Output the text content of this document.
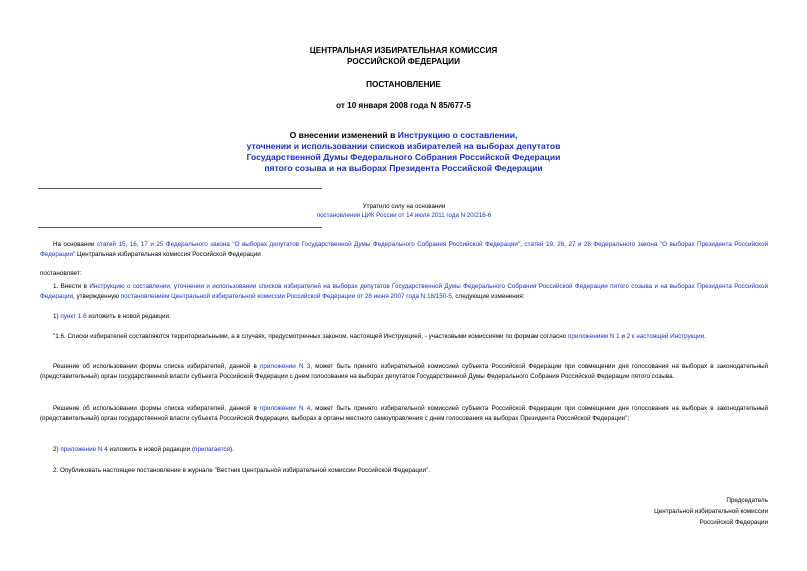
ЦЕНТРАЛЬНАЯ ИЗБИРАТЕЛЬНАЯ КОМИССИЯ
РОССИЙСКОЙ ФЕДЕРАЦИИ
ПОСТАНОВЛЕНИЕ
от 10 января 2008 года N 85/677-5
О внесении изменений в Инструкцию о составлении,
уточнении и использовании списков избирателей на выборах депутатов
Государственной Думы Федерального Собрания Российской Федерации
пятого созыва и на выборах Президента Российской Федерации
Утратило силу на основании
постановления ЦИК России от 14 июля 2011 года N 20/216-6
На основании статей 15, 16, 17 и 25 Федерального закона "О выборах депутатов Государственной Думы Федерального Собрания Российской Федерации", статей 19, 26, 27 и 28 Федерального закона "О выборах Президента Российской Федерации" Центральная избирательная комиссия Российской Федерации
постановляет:
1. Внести в Инструкцию о составлении, уточнении и использовании списков избирателей на выборах депутатов Государственной Думы Федерального Собрания Российской Федерации пятого созыва и на выборах Президента Российской Федерации, утвержденную постановлением Центральной избирательной комиссии Российской Федерации от 28 июня 2007 года N 18/150-5, следующие изменения:
1) пункт 1.6 изложить в новой редакции:
"1.6. Списки избирателей составляются территориальными, а в случаях, предусмотренных законом, настоящей Инструкцией, - участковыми комиссиями по формам согласно приложениям N 1 и 2 к настоящей Инструкции.
Решение об использовании формы списка избирателей, данной в приложении N 3, может быть принято избирательной комиссией субъекта Российской Федерации при совмещении дня голосования на выборах в законодательный (представительный) орган государственной власти субъекта Российской Федерации с днем голосования на выборах депутатов Государственной Думы Федерального Собрания Российской Федерации пятого созыва.
Решение об использовании формы списка избирателей, данной в приложении N 4, может быть принято избирательной комиссией субъекта Российской Федерации при совмещении дня голосования на выборах в законодательный (представительный) орган государственной власти субъекта Российской Федерации, выборах в органы местного самоуправления с днем голосования на выборах Президента Российской Федерации";
2) приложение N 4 изложить в новой редакции (прилагается).
2. Опубликовать настоящее постановление в журнале "Вестник Центральной избирательной комиссии Российской Федерации".
Председатель
Центральной избирательной комиссии
Российской Федерации
